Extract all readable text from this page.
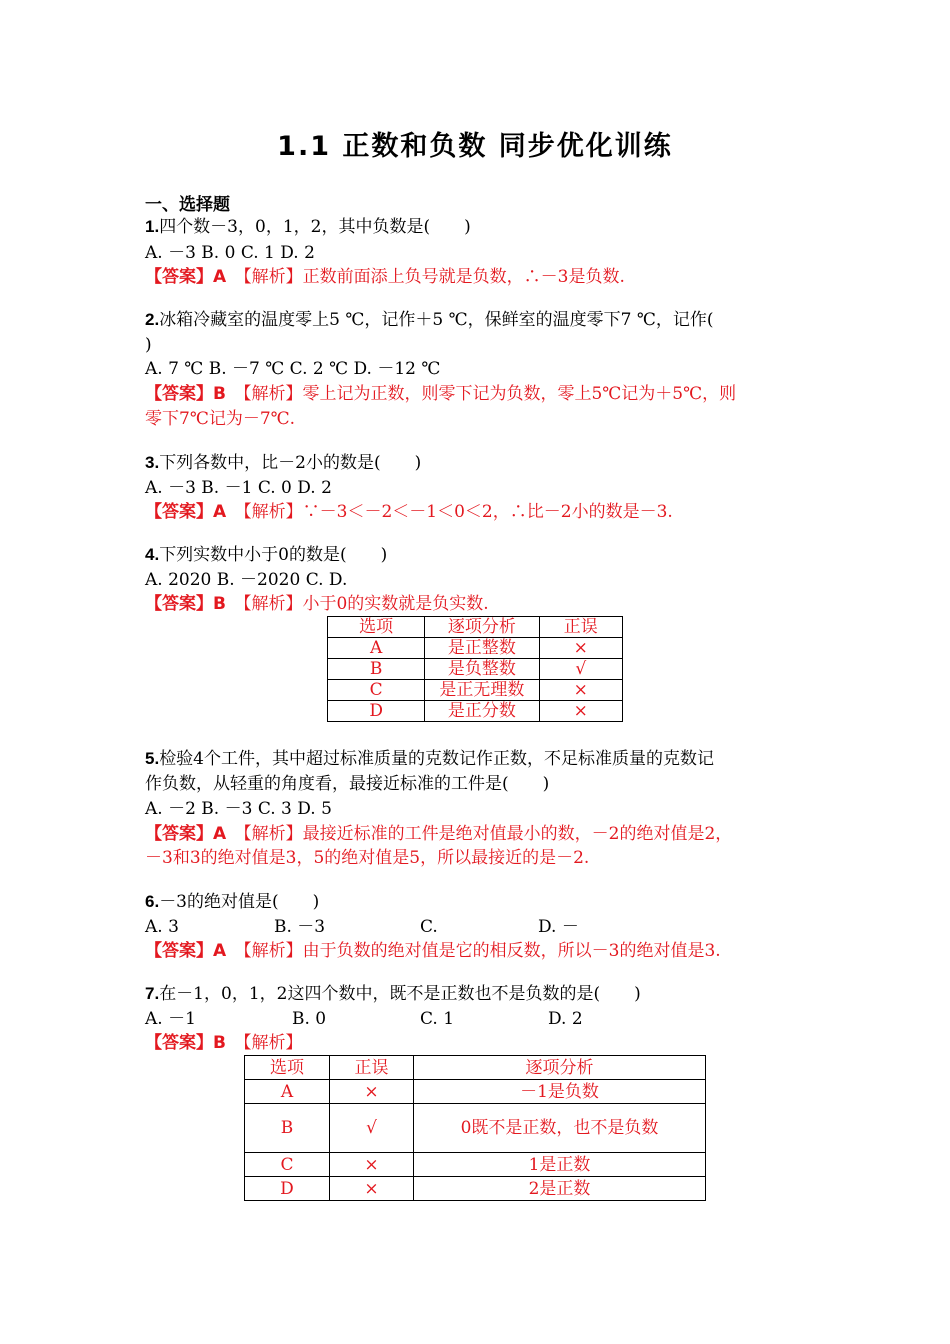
1.1 正数和负数 同步优化训练
一、选择题
1.四个数－3，0，1，2，其中负数是(　　)
A. －3 B. 0 C. 1 D. 2
【答案】A　 【解析】正数前面添上负号就是负数，∴－3是负数.
2.冰箱冷藏室的温度零上5 ℃，记作＋5 ℃，保鲜室的温度零下7 ℃，记作(
)
A. 7 ℃ B. －7 ℃ C. 2 ℃ D. －12 ℃
【答案】B　 【解析】零上记为正数，则零下记为负数，零上5℃记为＋5℃，则
零下7℃记为－7℃.
3.下列各数中，比－2小的数是(　　)
A. －3 B. －1 C. 0 D. 2
【答案】A　 【解析】∵－3＜－2＜－1＜0＜2，∴比－2小的数是－3.
4.下列实数中小于0的数是(　　)
A. 2020 B. －2020 C. D.
【答案】B　 【解析】小于0的实数就是负实数.
选项	逐项分析	正误
A	是正整数	×
B	是负整数	√
C	是正无理数	×
D	是正分数	×
5.检验4个工件，其中超过标准质量的克数记作正数，不足标准质量的克数记
作负数，从轻重的角度看，最接近标准的工件是(　　)
A. －2 B. －3 C. 3 D. 5
【答案】A　 【解析】最接近标准的工件是绝对值最小的数，－2的绝对值是2，
－3和3的绝对值是3，5的绝对值是5，所以最接近的是－2.
6.－3的绝对值是(　　)
A. 3	B. －3	C.	D. －
【答案】A　 【解析】由于负数的绝对值是它的相反数，所以－3的绝对值是3.
7.在－1，0，1，2这四个数中，既不是正数也不是负数的是(　　)
A. －1	B. 0	C. 1	D. 2
【答案】B　 【解析】
选项	正误	逐项分析
A	×	－1是负数
B	√	0既不是正数，也不是负数
C	×	1是正数
D	×	2是正数
